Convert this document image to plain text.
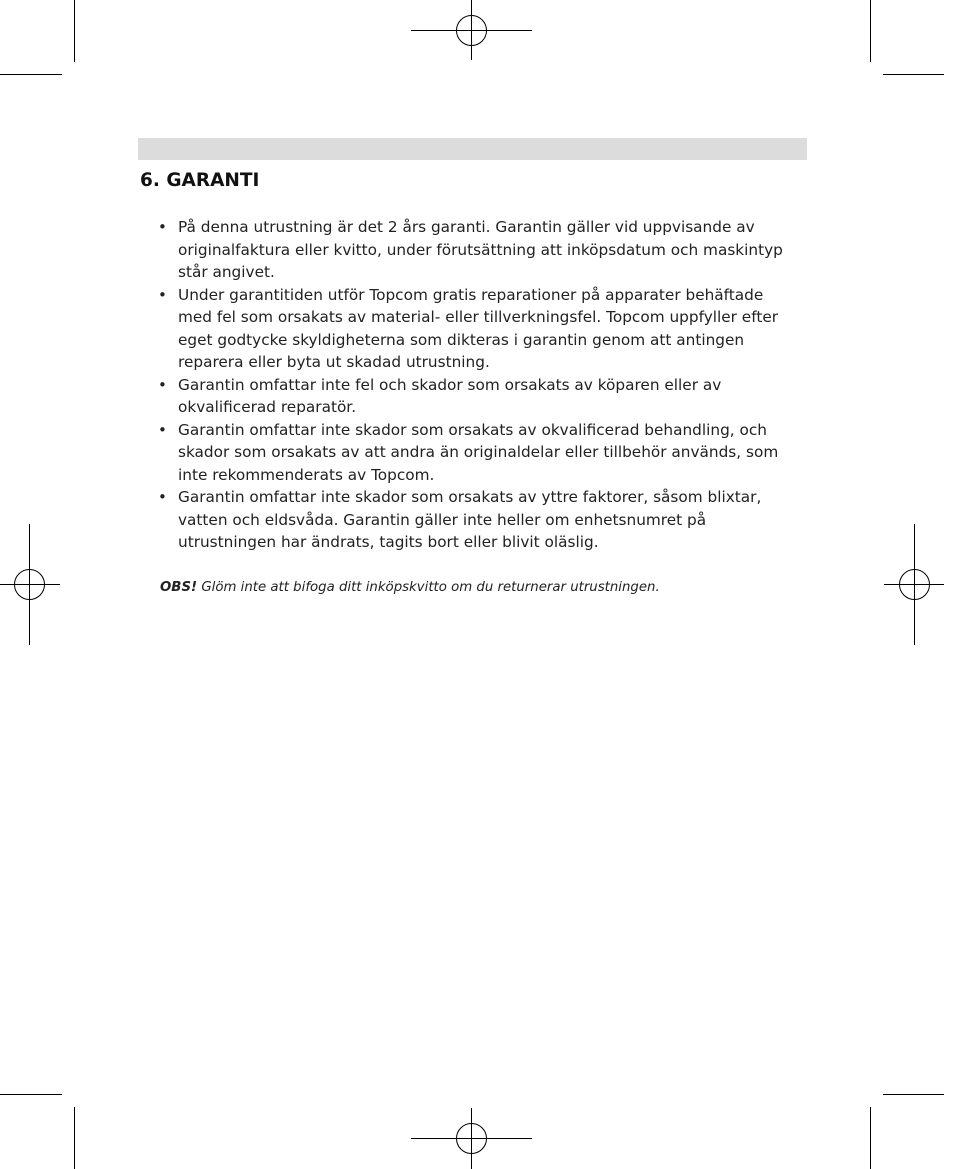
6. GARANTI
• På denna utrustning är det 2 års garanti. Garantin gäller vid uppvisande av originalfaktura eller kvitto, under förutsättning att inköpsdatum och maskintyp står angivet.
• Under garantitiden utför Topcom gratis reparationer på apparater behäftade med fel som orsakats av material- eller tillverkningsfel. Topcom uppfyller efter eget godtycke skyldigheterna som dikteras i garantin genom att antingen reparera eller byta ut skadad utrustning.
• Garantin omfattar inte fel och skador som orsakats av köparen eller av okvalificerad reparatör.
• Garantin omfattar inte skador som orsakats av okvalificerad behandling, och skador som orsakats av att andra än originaldelar eller tillbehör används, som inte rekommenderats av Topcom.
• Garantin omfattar inte skador som orsakats av yttre faktorer, såsom blixtar, vatten och eldsvåda. Garantin gäller inte heller om enhetsnumret på utrustningen har ändrats, tagits bort eller blivit oläslig.

OBS! Glöm inte att bifoga ditt inköpskvitto om du returnerar utrustningen.
